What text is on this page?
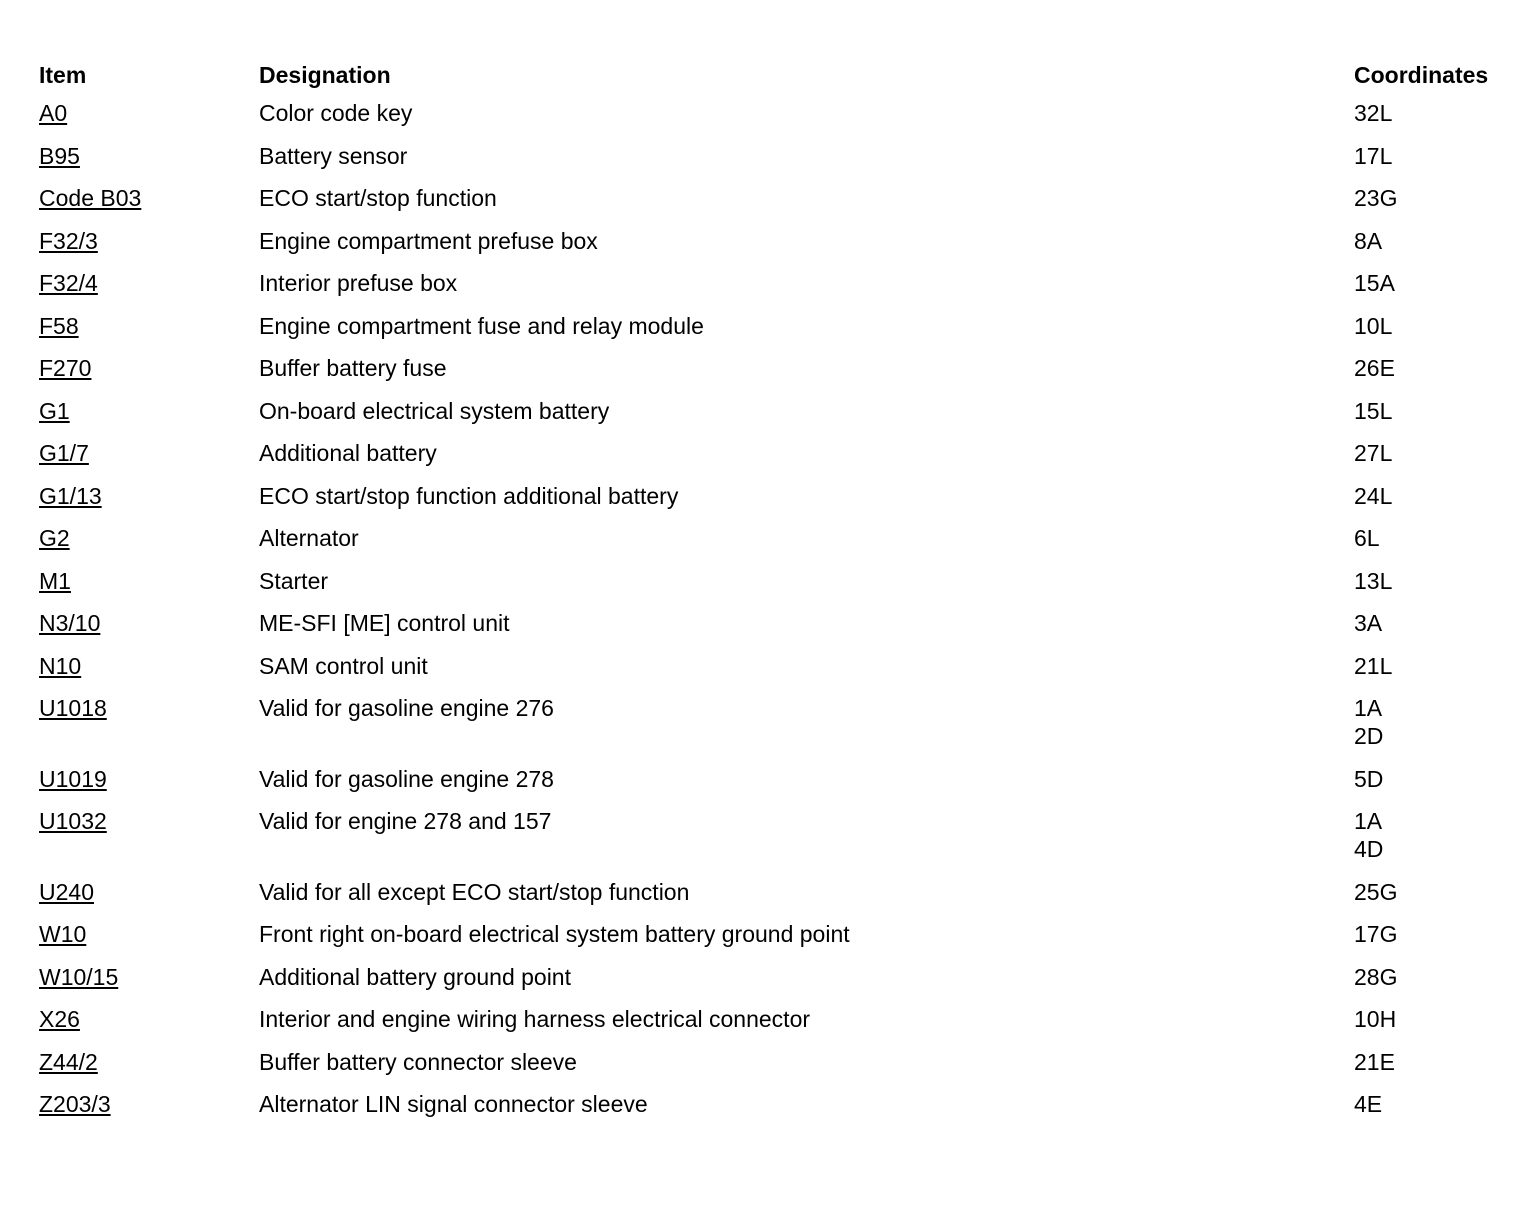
Item	Designation	Coordinates
A0	Color code key	32L

B95	Battery sensor	17L

Code B03	ECO start/stop function	23G

F32/3	Engine compartment prefuse box	8A

F32/4	Interior prefuse box	15A

F58	Engine compartment fuse and relay module	10L

F270	Buffer battery fuse	26E

G1	On-board electrical system battery	15L

G1/7	Additional battery	27L

G1/13	ECO start/stop function additional battery	24L

G2	Alternator	6L

M1	Starter	13L

N3/10	ME-SFI [ME] control unit	3A

N10	SAM control unit	21L

U1018	Valid for gasoline engine 276	1A
2D

U1019	Valid for gasoline engine 278	5D

U1032	Valid for engine 278 and 157	1A
4D

U240	Valid for all except ECO start/stop function	25G

W10	Front right on-board electrical system battery ground point	17G

W10/15	Additional battery ground point	28G

X26	Interior and engine wiring harness electrical connector	10H

Z44/2	Buffer battery connector sleeve	21E

Z203/3	Alternator LIN signal connector sleeve	4E
